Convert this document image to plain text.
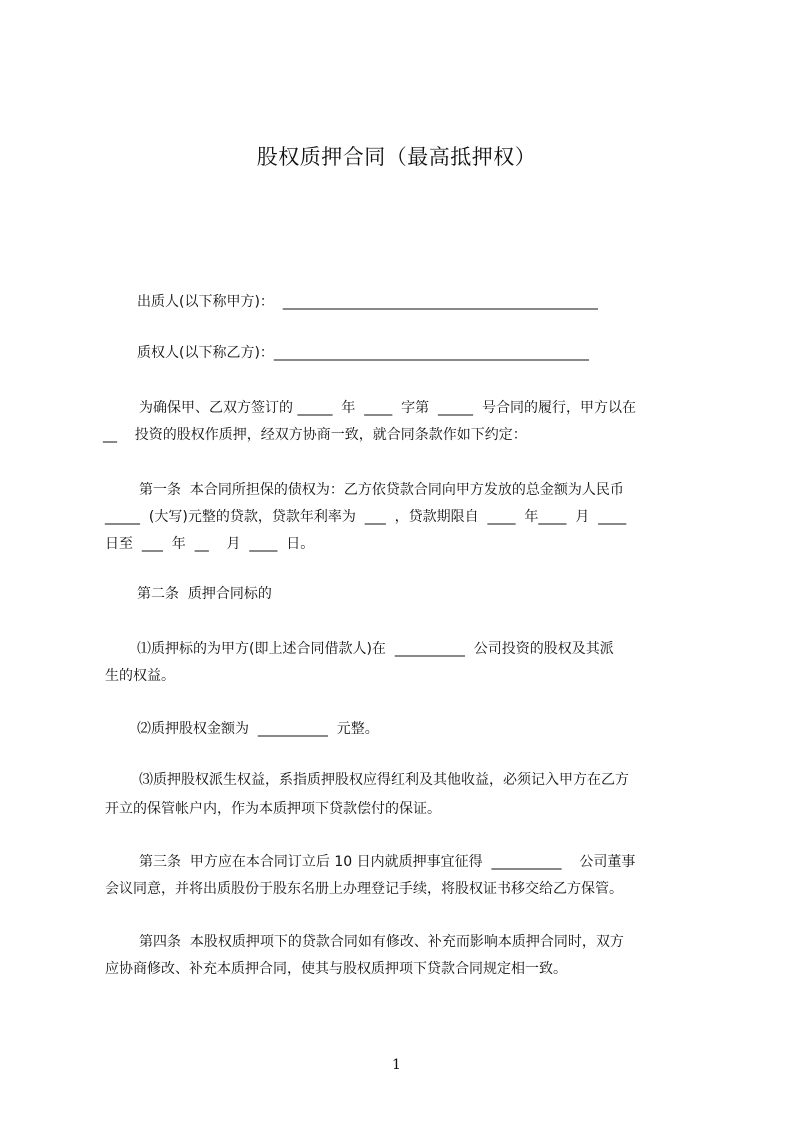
股权质押合同（最高抵押权）
出质人(以下称甲方)：  _____________________________________________
质权人(以下称乙方)：_____________________________________________
为确保甲、乙双方签订的 _____  年  ____  字第  _____  号合同的履行，甲方以在
__    投资的股权作质押，经双方协商一致，就合同条款作如下约定：
第一条  本合同所担保的债权为：乙方依贷款合同向甲方发放的总金额为人民币
_____  (大写)元整的贷款，贷款年利率为  ___  ，贷款期限自  ____  年____  月  ____
日至  ___  年  __    月  ____  日。
第二条  质押合同标的
⑴质押标的为甲方(即上述合同借款人)在  __________  公司投资的股权及其派
生的权益。
⑵质押股权金额为  __________  元整。
⑶质押股权派生权益，系指质押股权应得红利及其他收益，必须记入甲方在乙方
开立的保管帐户内，作为本质押项下贷款偿付的保证。
第三条  甲方应在本合同订立后 10 日内就质押事宜征得  __________    公司董事
会议同意，并将出质股份于股东名册上办理登记手续，将股权证书移交给乙方保管。
第四条  本股权质押项下的贷款合同如有修改、补充而影响本质押合同时，双方
应协商修改、补充本质押合同，使其与股权质押项下贷款合同规定相一致。
1
